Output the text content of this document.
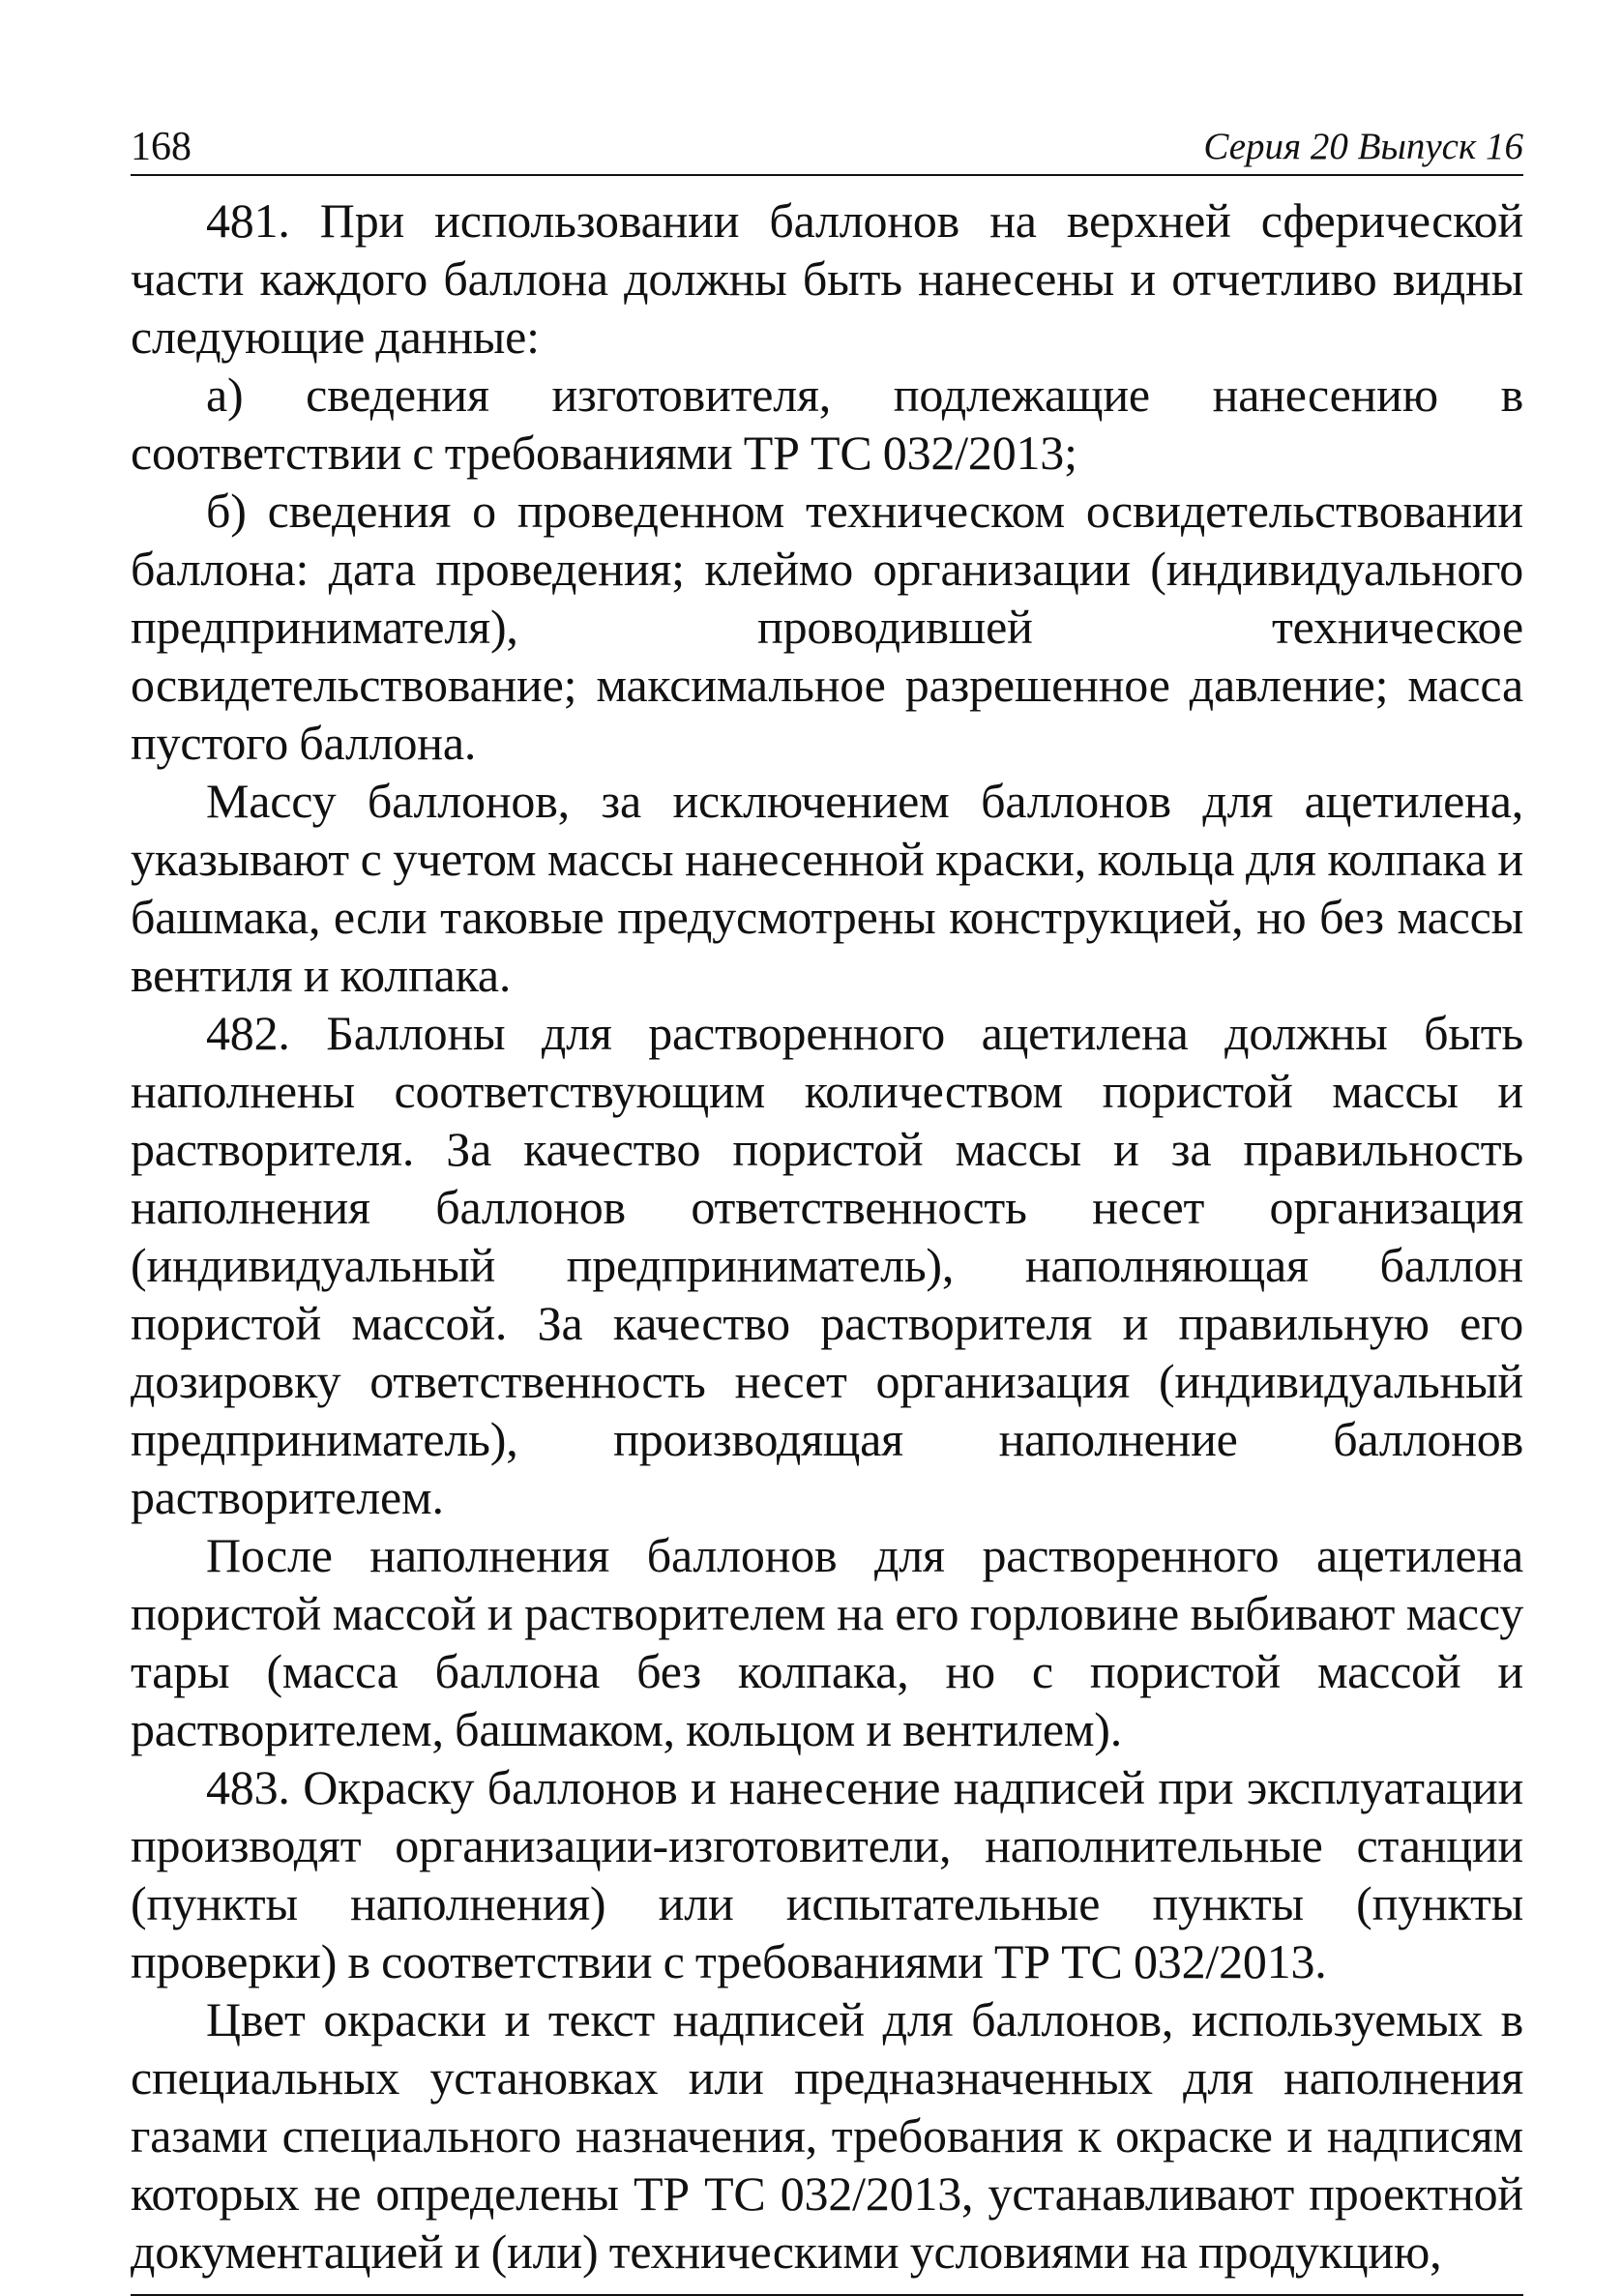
168	Серия 20 Выпуск 16

481. При использовании баллонов на верхней сферической части каждого баллона должны быть нанесены и отчетливо видны следующие данные:

а) сведения изготовителя, подлежащие нанесению в соответствии с требованиями ТР ТС 032/2013;

б) сведения о проведенном техническом освидетельствовании баллона: дата проведения; клеймо организации (индивидуального предпринимателя), проводившей техническое освидетельствование; максимальное разрешенное давление; масса пустого баллона.

Массу баллонов, за исключением баллонов для ацетилена, указывают с учетом массы нанесенной краски, кольца для колпака и башмака, если таковые предусмотрены конструкцией, но без массы вентиля и колпака.

482. Баллоны для растворенного ацетилена должны быть наполнены соответствующим количеством пористой массы и растворителя. За качество пористой массы и за правильность наполнения баллонов ответственность несет организация (индивидуальный предприниматель), наполняющая баллон пористой массой. За качество растворителя и правильную его дозировку ответственность несет организация (индивидуальный предприниматель), производящая наполнение баллонов растворителем.

После наполнения баллонов для растворенного ацетилена пористой массой и растворителем на его горловине выбивают массу тары (масса баллона без колпака, но с пористой массой и растворителем, башмаком, кольцом и вентилем).

483. Окраску баллонов и нанесение надписей при эксплуатации производят организации-изготовители, наполнительные станции (пункты наполнения) или испытательные пункты (пункты проверки) в соответствии с требованиями ТР ТС 032/2013.

Цвет окраски и текст надписей для баллонов, используемых в специальных установках или предназначенных для наполнения газами специального назначения, требования к окраске и надписям которых не определены ТР ТС 032/2013, устанавливают проектной документацией и (или) техническими условиями на продукцию,
